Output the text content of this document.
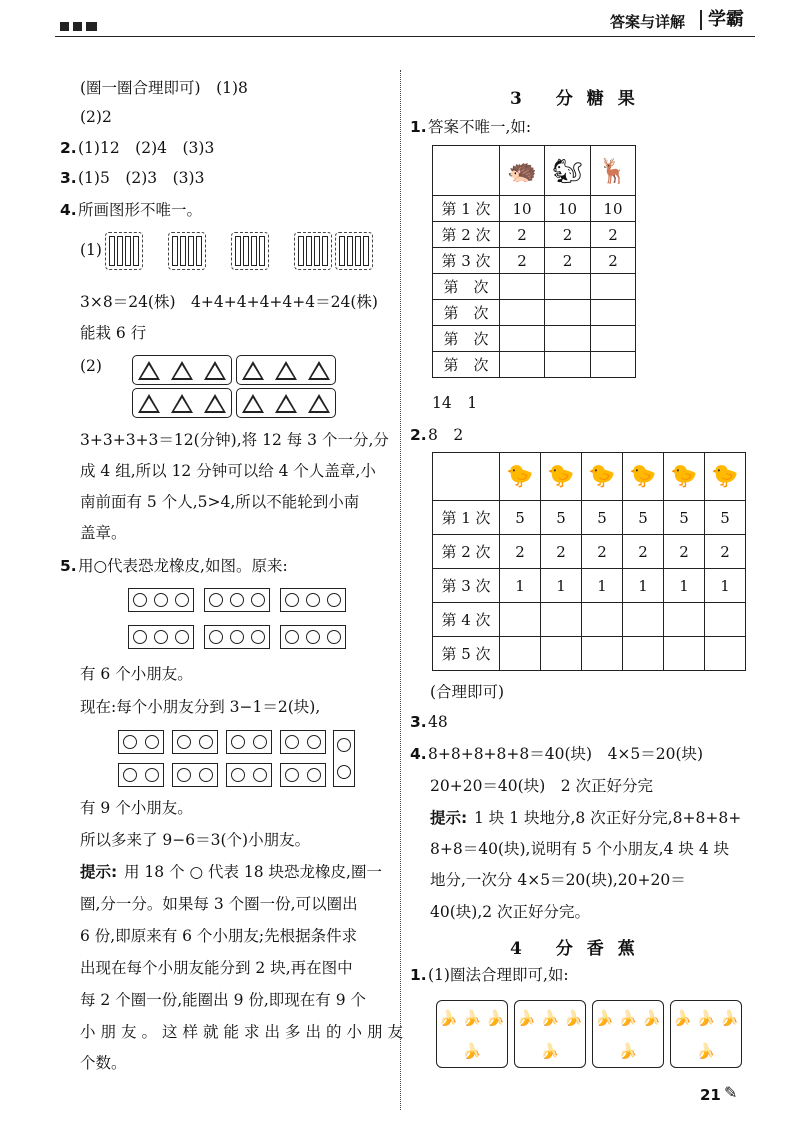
答案与详解	学霸
(圈一圈合理即可)　(1)8
(2)2
2. (1)12　(2)4　(3)3
3. (1)5　(2)3　(3)3
4. 所画图形不唯一。
(1)
3×8＝24(株)　4+4+4+4+4+4＝24(株)
能栽 6 行
(2)
3+3+3+3＝12(分钟),将 12 每 3 个一分,分
成 4 组,所以 12 分钟可以给 4 个人盖章,小
南前面有 5 个人,5>4,所以不能轮到小南
盖章。
5. 用○代表恐龙橡皮,如图。原来:
有 6 个小朋友。
现在:每个小朋友分到 3−1＝2(块),
有 9 个小朋友。
所以多来了 9−6＝3(个)小朋友。
提示: 用 18 个 ○ 代表 18 块恐龙橡皮,圈一
圈,分一分。如果每 3 个圈一份,可以圈出
6 份,即原来有 6 个小朋友;先根据条件求
出现在每个小朋友能分到 2 块,再在图中
每 2 个圈一份,能圈出 9 份,即现在有 9 个
小朋友。这样就能求出多出的小朋友
个数。
3 分糖果
1. 答案不唯一,如:
	🦔	🐿	🦌
第 1 次	10	10	10
第 2 次	2	2	2
第 3 次	2	2	2
第　次			
第　次			
第　次			
第　次			
14　1
2. 8　2
	🐤	🐤	🐤	🐤	🐤	🐤
第 1 次	5	5	5	5	5	5
第 2 次	2	2	2	2	2	2
第 3 次	1	1	1	1	1	1
第 4 次						
第 5 次						
(合理即可)
3. 48
4. 8+8+8+8+8＝40(块)　4×5＝20(块)
20+20＝40(块)　2 次正好分完
提示: 1 块 1 块地分,8 次正好分完,8+8+8+
8+8＝40(块),说明有 5 个小朋友,4 块 4 块
地分,一次分 4×5＝20(块),20+20＝
40(块),2 次正好分完。
4 分香蕉
1. (1)圈法合理即可,如:
🍌 🍌 🍌
🍌
🍌 🍌 🍌
🍌
🍌 🍌 🍌
🍌
🍌 🍌 🍌
🍌
21 ✎
